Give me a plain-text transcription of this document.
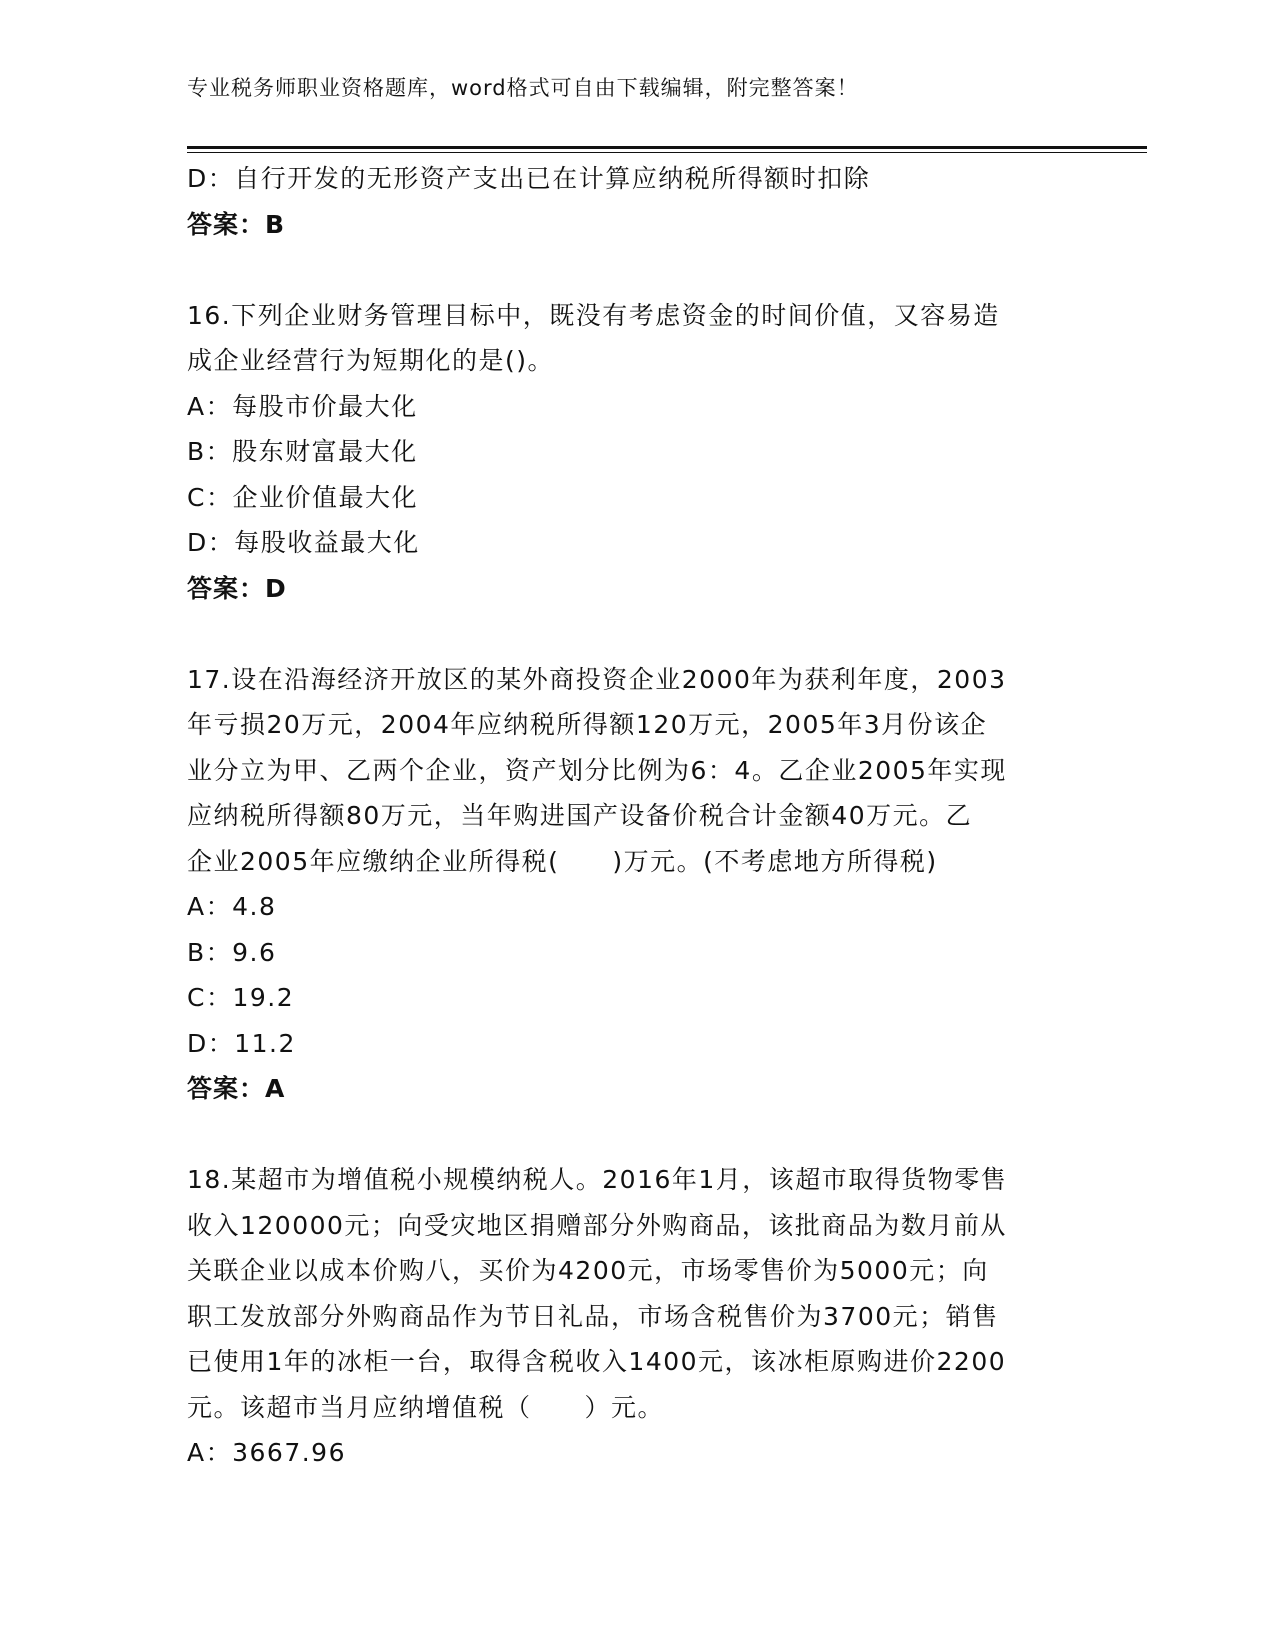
专业税务师职业资格题库，word格式可自由下载编辑，附完整答案！
D：自行开发的无形资产支出已在计算应纳税所得额时扣除
答案：B
16.下列企业财务管理目标中，既没有考虑资金的时间价值，又容易造
成企业经营行为短期化的是()。
A：每股市价最大化
B：股东财富最大化
C：企业价值最大化
D：每股收益最大化
答案：D
17.设在沿海经济开放区的某外商投资企业2000年为获利年度，2003
年亏损20万元，2004年应纳税所得额120万元，2005年3月份该企
业分立为甲、乙两个企业，资产划分比例为6：4。乙企业2005年实现
应纳税所得额80万元，当年购进国产设备价税合计金额40万元。乙
企业2005年应缴纳企业所得税(　　)万元。(不考虑地方所得税)
A：4.8
B：9.6
C：19.2
D：11.2
答案：A
18.某超市为增值税小规模纳税人。2016年1月，该超市取得货物零售
收入120000元；向受灾地区捐赠部分外购商品，该批商品为数月前从
关联企业以成本价购八，买价为4200元，市场零售价为5000元；向
职工发放部分外购商品作为节日礼品，市场含税售价为3700元；销售
已使用1年的冰柜一台，取得含税收入1400元，该冰柜原购进价2200
元。该超市当月应纳增值税（　　）元。
A：3667.96
